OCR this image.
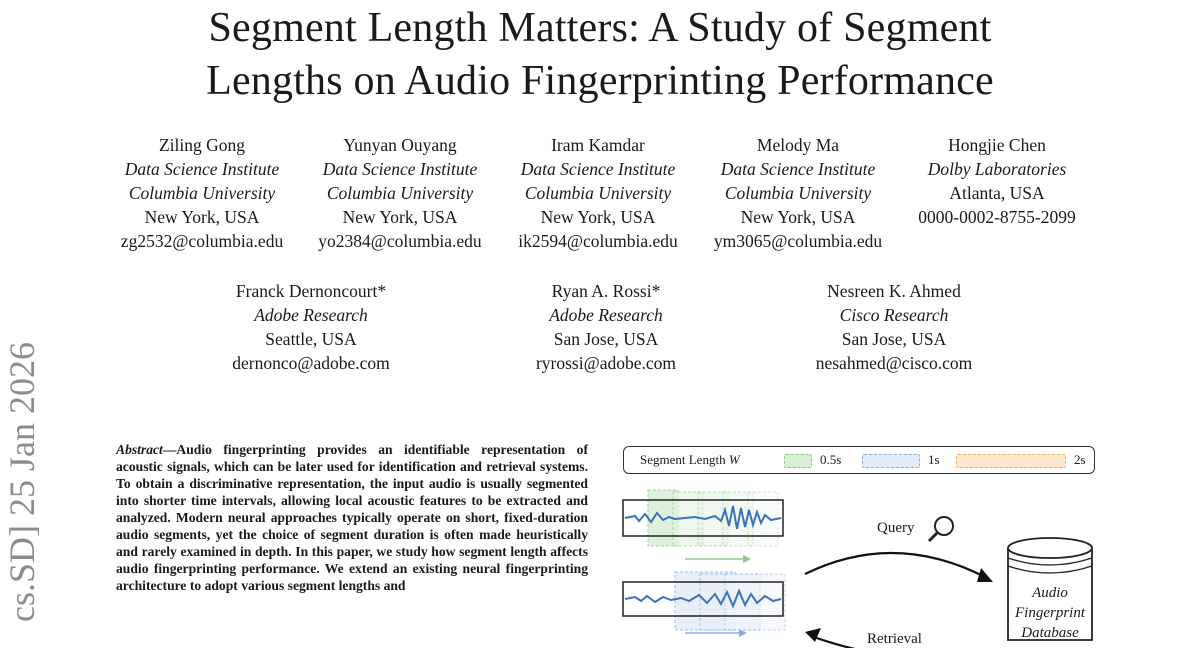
Segment Length Matters: A Study of Segment
Lengths on Audio Fingerprinting Performance
Ziling Gong
Data Science Institute
Columbia University
New York, USA
zg2532@columbia.edu
Yunyan Ouyang
Data Science Institute
Columbia University
New York, USA
yo2384@columbia.edu
Iram Kamdar
Data Science Institute
Columbia University
New York, USA
ik2594@columbia.edu
Melody Ma
Data Science Institute
Columbia University
New York, USA
ym3065@columbia.edu
Hongjie Chen
Dolby Laboratories
Atlanta, USA
0000-0002-8755-2099
Franck Dernoncourt*
Adobe Research
Seattle, USA
dernonco@adobe.com
Ryan A. Rossi*
Adobe Research
San Jose, USA
ryrossi@adobe.com
Nesreen K. Ahmed
Cisco Research
San Jose, USA
nesahmed@cisco.com
cs.SD] 25 Jan 2026	Abstract—Audio fingerprinting provides an identifiable representation of acoustic signals, which can be later used for identification and retrieval systems. To obtain a discriminative representation, the input audio is usually segmented into shorter time intervals, allowing local acoustic features to be extracted and analyzed. Modern neural approaches typically operate on short, fixed-duration audio segments, yet the choice of segment duration is often made heuristically and rarely examined in depth. In this paper, we study how segment length affects audio fingerprinting performance. We extend an existing neural fingerprinting architecture to adopt various segment lengths and
Segment Length W	0.5s	1s	2s
Query
Retrieval
Audio
Fingerprint
Database
